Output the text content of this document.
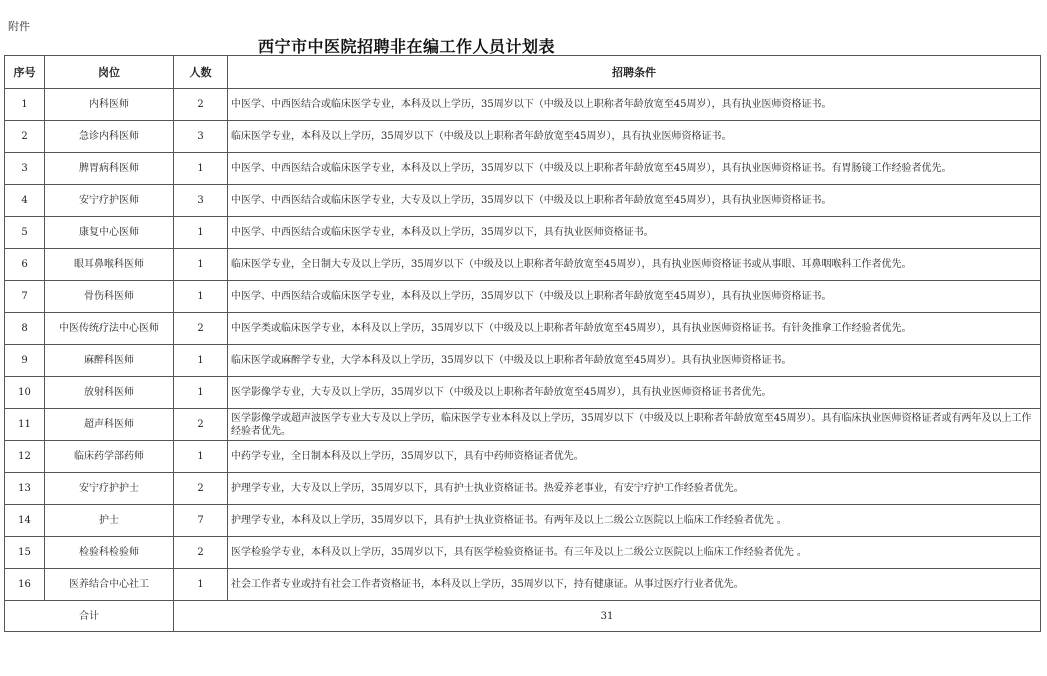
附件
西宁市中医院招聘非在编工作人员计划表
序号	岗位	人数	招聘条件
1	内科医师	2	中医学、中西医结合或临床医学专业，本科及以上学历，35周岁以下（中级及以上职称者年龄放宽至45周岁），具有执业医师资格证书。
2	急诊内科医师	3	临床医学专业，本科及以上学历，35周岁以下（中级及以上职称者年龄放宽至45周岁），具有执业医师资格证书。
3	脾胃病科医师	1	中医学、中西医结合或临床医学专业，本科及以上学历，35周岁以下（中级及以上职称者年龄放宽至45周岁），具有执业医师资格证书。有胃肠镜工作经验者优先。
4	安宁疗护医师	3	中医学、中西医结合或临床医学专业，大专及以上学历，35周岁以下（中级及以上职称者年龄放宽至45周岁），具有执业医师资格证书。
5	康复中心医师	1	中医学、中西医结合或临床医学专业，本科及以上学历，35周岁以下，具有执业医师资格证书。
6	眼耳鼻喉科医师	1	临床医学专业，全日制大专及以上学历，35周岁以下（中级及以上职称者年龄放宽至45周岁），具有执业医师资格证书或从事眼、耳鼻咽喉科工作者优先。
7	骨伤科医师	1	中医学、中西医结合或临床医学专业，本科及以上学历，35周岁以下（中级及以上职称者年龄放宽至45周岁），具有执业医师资格证书。
8	中医传统疗法中心医师	2	中医学类或临床医学专业，本科及以上学历，35周岁以下（中级及以上职称者年龄放宽至45周岁），具有执业医师资格证书。有针灸推拿工作经验者优先。
9	麻醉科医师	1	临床医学或麻醉学专业，大学本科及以上学历，35周岁以下（中级及以上职称者年龄放宽至45周岁）。具有执业医师资格证书。
10	放射科医师	1	医学影像学专业，大专及以上学历，35周岁以下（中级及以上职称者年龄放宽至45周岁），具有执业医师资格证书者优先。
11	超声科医师	2	医学影像学或超声波医学专业大专及以上学历，临床医学专业本科及以上学历，35周岁以下（中级及以上职称者年龄放宽至45周岁）。具有临床执业医师资格证者或有两年及以上工作经验者优先。
12	临床药学部药师	1	中药学专业，全日制本科及以上学历，35周岁以下，具有中药师资格证者优先。
13	安宁疗护护士	2	护理学专业，大专及以上学历，35周岁以下，具有护士执业资格证书。热爱养老事业，有安宁疗护工作经验者优先。
14	护士	7	护理学专业，本科及以上学历，35周岁以下，具有护士执业资格证书。有两年及以上二级公立医院以上临床工作经验者优先 。
15	检验科检验师	2	医学检验学专业，本科及以上学历，35周岁以下，具有医学检验资格证书。有三年及以上二级公立医院以上临床工作经验者优先 。
16	医养结合中心社工	1	社会工作者专业或持有社会工作者资格证书，本科及以上学历，35周岁以下，持有健康证。从事过医疗行业者优先。
合计		31	
